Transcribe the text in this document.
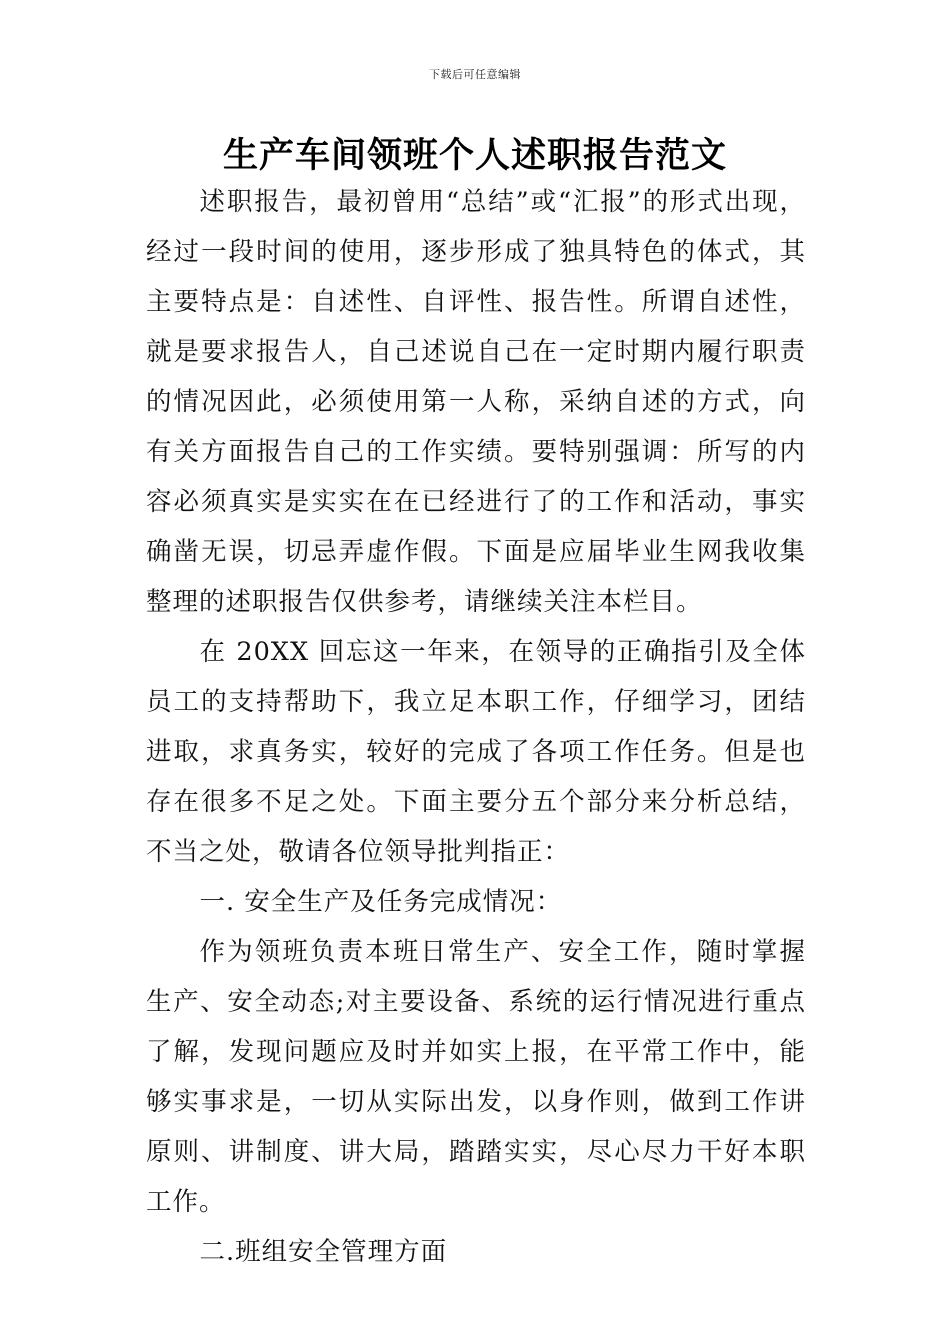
下载后可任意编辑
生产车间领班个人述职报告范文

述职报告，最初曾用“总结”或“汇报”的形式出现，经过一段时间的使用，逐步形成了独具特色的体式，其主要特点是：自述性、自评性、报告性。所谓自述性，就是要求报告人，自己述说自己在一定时期内履行职责的情况因此，必须使用第一人称，采纳自述的方式，向有关方面报告自己的工作实绩。要特别强调：所写的内容必须真实是实实在在已经进行了的工作和活动，事实确凿无误，切忌弄虚作假。下面是应届毕业生网我收集整理的述职报告仅供参考，请继续关注本栏目。

在 20XX 回忘这一年来，在领导的正确指引及全体员工的支持帮助下，我立足本职工作，仔细学习，团结进取，求真务实，较好的完成了各项工作任务。但是也存在很多不足之处。下面主要分五个部分来分析总结，不当之处，敬请各位领导批判指正：

一. 安全生产及任务完成情况：

作为领班负责本班日常生产、安全工作，随时掌握生产、安全动态;对主要设备、系统的运行情况进行重点了解，发现问题应及时并如实上报，在平常工作中，能够实事求是，一切从实际出发，以身作则，做到工作讲原则、讲制度、讲大局，踏踏实实，尽心尽力干好本职工作。

二.班组安全管理方面
